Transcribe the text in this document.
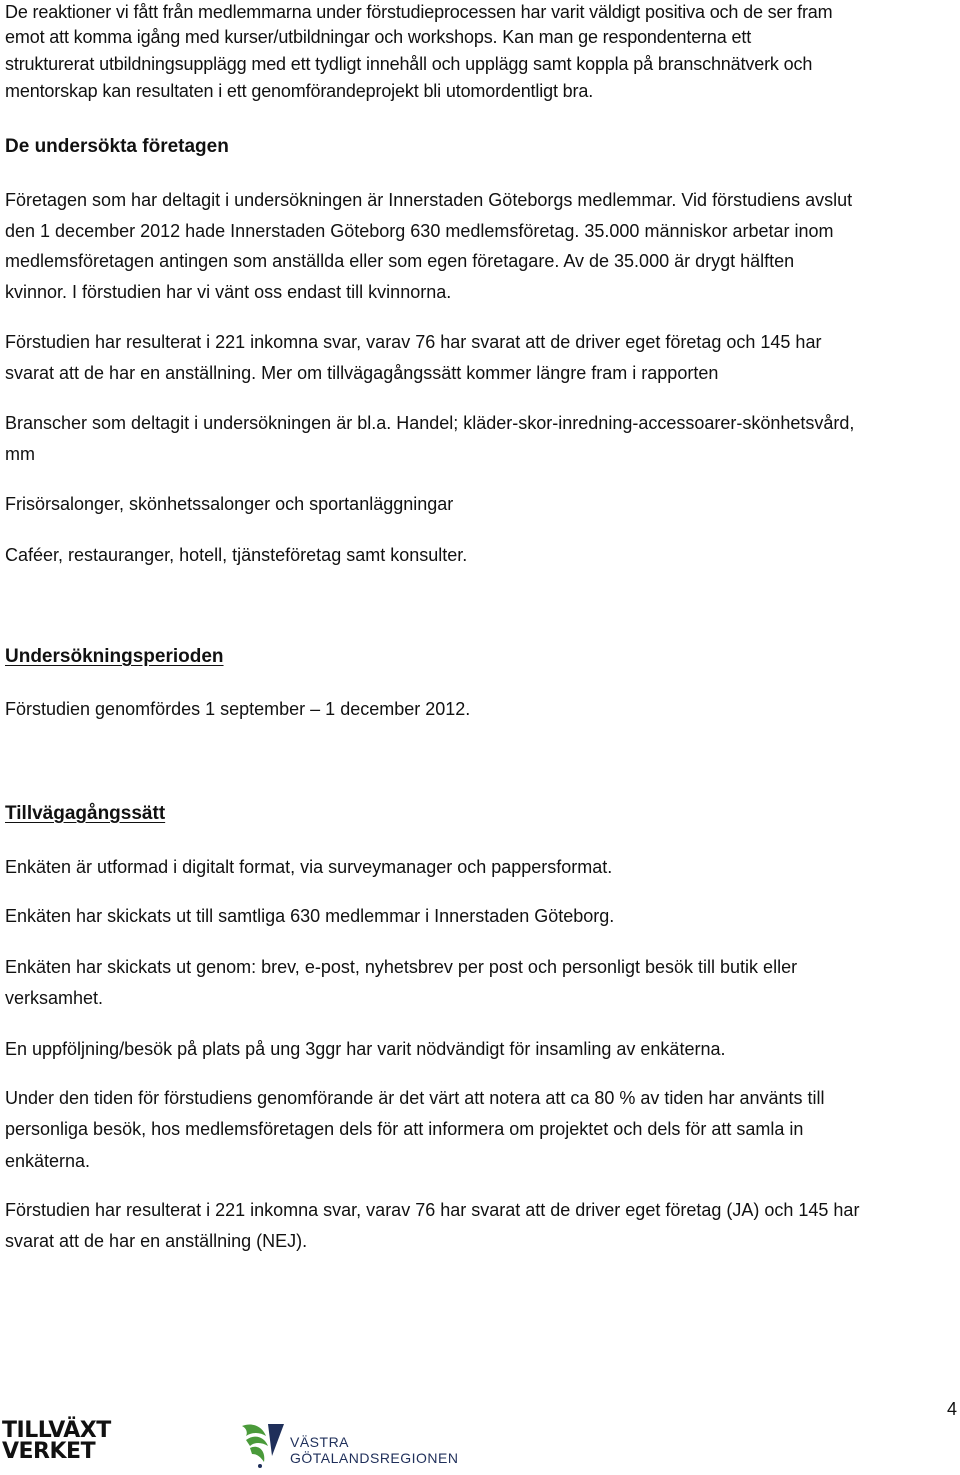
De reaktioner vi fått från medlemmarna under förstudieprocessen har varit väldigt positiva och de ser fram
emot att komma igång med kurser/utbildningar och workshops. Kan man ge respondenterna ett
strukturerat utbildningsupplägg med ett tydligt innehåll och upplägg samt koppla på branschnätverk och
mentorskap kan resultaten i ett genomförandeprojekt bli utomordentligt bra.
De undersökta företagen
Företagen som har deltagit i undersökningen är Innerstaden Göteborgs medlemmar. Vid förstudiens avslut
den 1 december 2012 hade Innerstaden Göteborg 630 medlemsföretag. 35.000 människor arbetar inom
medlemsföretagen antingen som anställda eller som egen företagare. Av de 35.000 är drygt hälften
kvinnor. I förstudien har vi vänt oss endast till kvinnorna.
Förstudien har resulterat i 221 inkomna svar, varav 76 har svarat att de driver eget företag och 145 har
svarat att de har en anställning. Mer om tillvägagångssätt kommer längre fram i rapporten
Branscher som deltagit i undersökningen är bl.a. Handel; kläder-skor-inredning-accessoarer-skönhetsvård,
mm
Frisörsalonger, skönhetssalonger och sportanläggningar
Caféer, restauranger, hotell, tjänsteföretag samt konsulter.
Undersökningsperioden
Förstudien genomfördes 1 september – 1 december 2012.
Tillvägagångssätt
Enkäten är utformad i digitalt format, via surveymanager och pappersformat.
Enkäten har skickats ut till samtliga 630 medlemmar i Innerstaden Göteborg.
Enkäten har skickats ut genom: brev, e-post, nyhetsbrev per post och personligt besök till butik eller
verksamhet.
En uppföljning/besök på plats på ung 3ggr har varit nödvändigt för insamling av enkäterna.
Under den tiden för förstudiens genomförande är det värt att notera att ca 80 % av tiden har använts till
personliga besök, hos medlemsföretagen dels för att informera om projektet och dels för att samla in
enkäterna.
Förstudien har resulterat i 221 inkomna svar, varav 76 har svarat att de driver eget företag (JA) och 145 har
svarat att de har en anställning (NEJ).
4
TILLVÄXT
VERKET	VÄSTRA
GÖTALANDSREGIONEN
